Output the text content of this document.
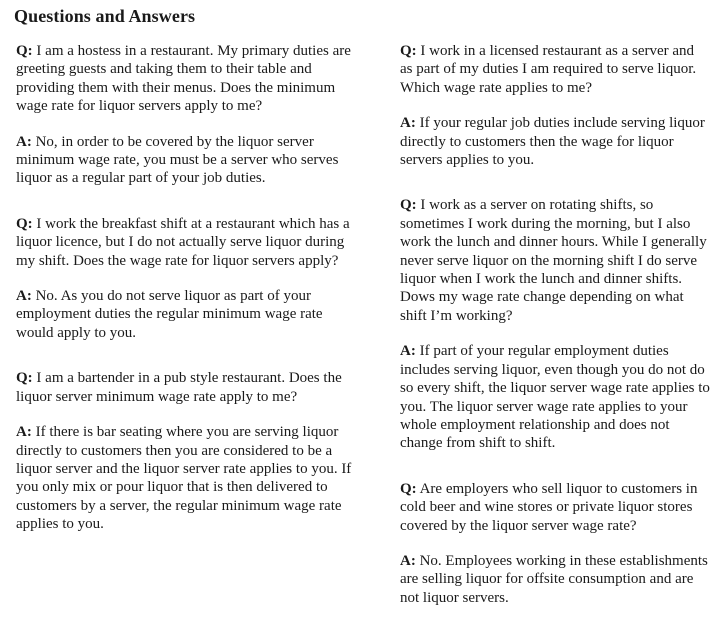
Questions and Answers

Q: I am a hostess in a restaurant. My primary duties are greeting guests and taking them to their table and providing them with their menus. Does the minimum wage rate for liquor servers apply to me?

A: No, in order to be covered by the liquor server minimum wage rate, you must be a server who serves liquor as a regular part of your job duties.

Q: I work the breakfast shift at a restaurant which has a liquor licence, but I do not actually serve liquor during my shift. Does the wage rate for liquor servers apply?

A: No. As you do not serve liquor as part of your employment duties the regular minimum wage rate would apply to you.

Q: I am a bartender in a pub style restaurant. Does the liquor server minimum wage rate apply to me?

A: If there is bar seating where you are serving liquor directly to customers then you are considered to be a liquor server and the liquor server rate applies to you. If you only mix or pour liquor that is then delivered to customers by a server, the regular minimum wage rate applies to you.

Q: I work in a licensed restaurant as a server and as part of my duties I am required to serve liquor. Which wage rate applies to me?

A: If your regular job duties include serving liquor directly to customers then the wage for liquor servers applies to you.

Q: I work as a server on rotating shifts, so sometimes I work during the morning, but I also work the lunch and dinner hours. While I generally never serve liquor on the morning shift I do serve liquor when I work the lunch and dinner shifts. Dows my wage rate change depending on what shift I’m working?

A: If part of your regular employment duties includes serving liquor, even though you do not do so every shift, the liquor server wage rate applies to you. The liquor server wage rate applies to your whole employment relationship and does not change from shift to shift.

Q: Are employers who sell liquor to customers in cold beer and wine stores or private liquor stores covered by the liquor server wage rate?

A: No. Employees working in these establishments are selling liquor for offsite consumption and are not liquor servers.
